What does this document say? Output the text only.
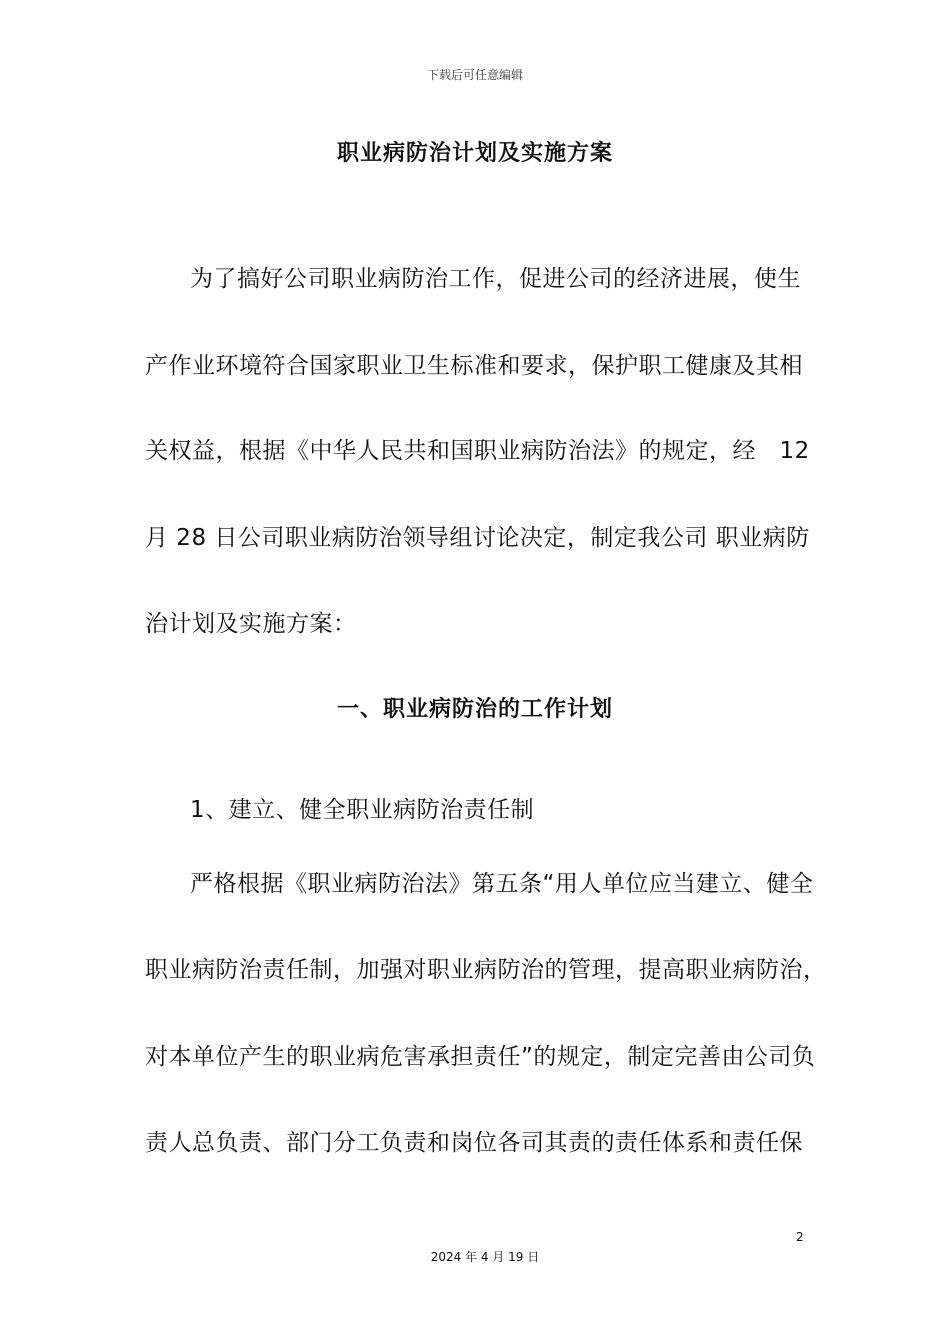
下载后可任意编辑
职业病防治计划及实施方案
为了搞好公司职业病防治工作，促进公司的经济进展，使生
产作业环境符合国家职业卫生标准和要求，保护职工健康及其相
关权益，根据《中华人民共和国职业病防治法》的规定，经　12
月 28 日公司职业病防治领导组讨论决定，制定我公司 职业病防
治计划及实施方案：
一、职业病防治的工作计划
1、建立、健全职业病防治责任制
严格根据《职业病防治法》第五条“用人单位应当建立、健全
职业病防治责任制，加强对职业病防治的管理，提高职业病防治，
对本单位产生的职业病危害承担责任”的规定，制定完善由公司负
责人总负责、部门分工负责和岗位各司其责的责任体系和责任保
2
2024 年 4 月 19 日
